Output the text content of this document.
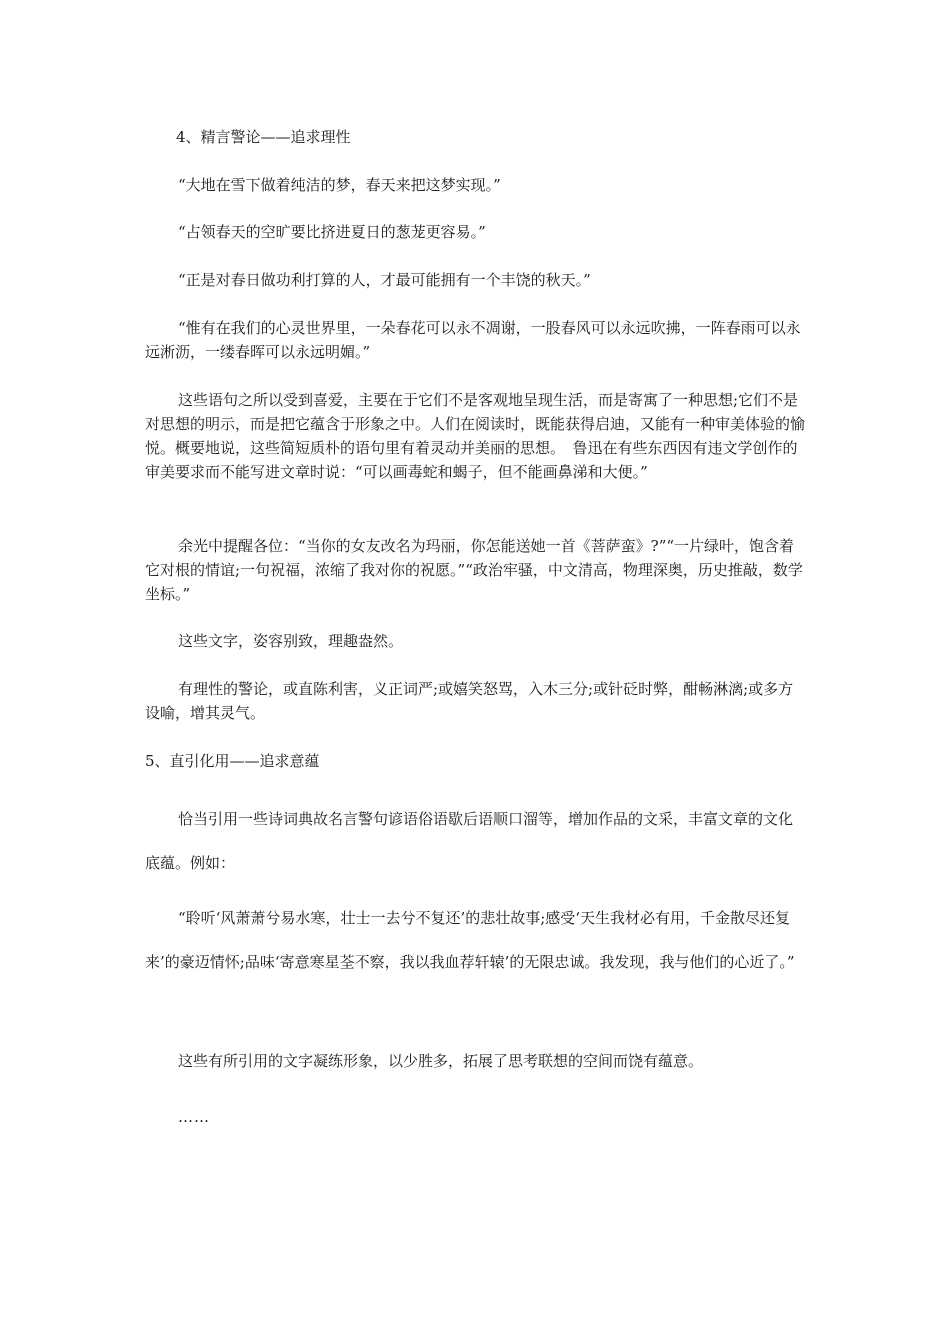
4、精言警论——追求理性

“大地在雪下做着纯洁的梦，春天来把这梦实现。”

“占领春天的空旷要比挤进夏日的葱茏更容易。”

“正是对春日做功利打算的人，才最可能拥有一个丰饶的秋天。”

“惟有在我们的心灵世界里，一朵春花可以永不凋谢，一股春风可以永远吹拂，一阵春雨可以永远淅沥，一缕春晖可以永远明媚。”

这些语句之所以受到喜爱，主要在于它们不是客观地呈现生活，而是寄寓了一种思想;它们不是对思想的明示，而是把它蕴含于形象之中。人们在阅读时，既能获得启迪，又能有一种审美体验的愉悦。概要地说，这些简短质朴的语句里有着灵动并美丽的思想。　鲁迅在有些东西因有违文学创作的审美要求而不能写进文章时说：“可以画毒蛇和蝎子，但不能画鼻涕和大便。”

余光中提醒各位：“当你的女友改名为玛丽，你怎能送她一首《菩萨蛮》?”“一片绿叶，饱含着它对根的情谊;一句祝福，浓缩了我对你的祝愿。”“政治牢骚，中文清高，物理深奥，历史推敲，数学坐标。”

这些文字，姿容别致，理趣盎然。

有理性的警论，或直陈利害，义正词严;或嬉笑怒骂，入木三分;或针砭时弊，酣畅淋漓;或多方设喻，增其灵气。

5、直引化用——追求意蕴

恰当引用一些诗词典故名言警句谚语俗语歇后语顺口溜等，增加作品的文采，丰富文章的文化底蕴。例如：

“聆听‘风萧萧兮易水寒，壮士一去兮不复还’的悲壮故事;感受‘天生我材必有用，千金散尽还复来’的豪迈情怀;品味‘寄意寒星荃不察，我以我血荐轩辕’的无限忠诚。我发现，我与他们的心近了。”

这些有所引用的文字凝练形象，以少胜多，拓展了思考联想的空间而饶有蕴意。

……
